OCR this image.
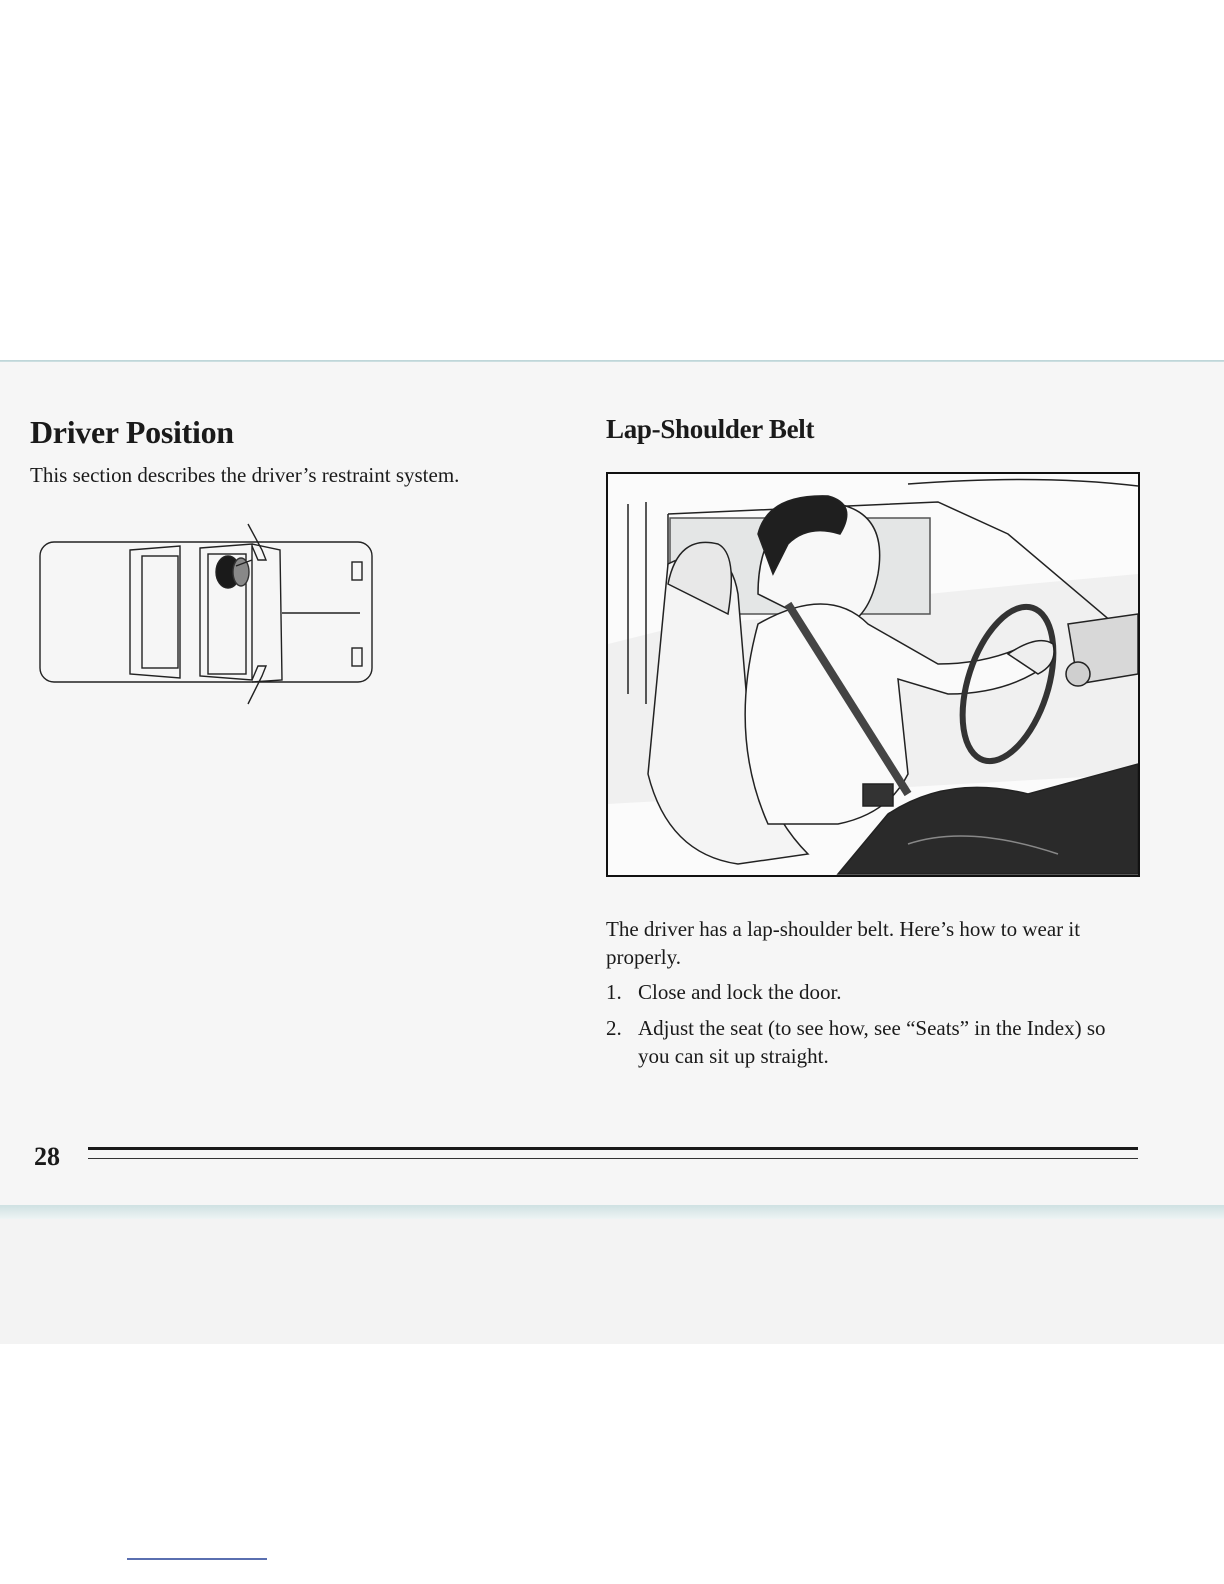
Driver Position

This section describes the driver’s restraint system.

Lap-Shoulder Belt

The driver has a lap-shoulder belt. Here’s how to wear it properly.

1. Close and lock the door.
2. Adjust the seat (to see how, see “Seats” in the Index) so you can sit up straight.
28
